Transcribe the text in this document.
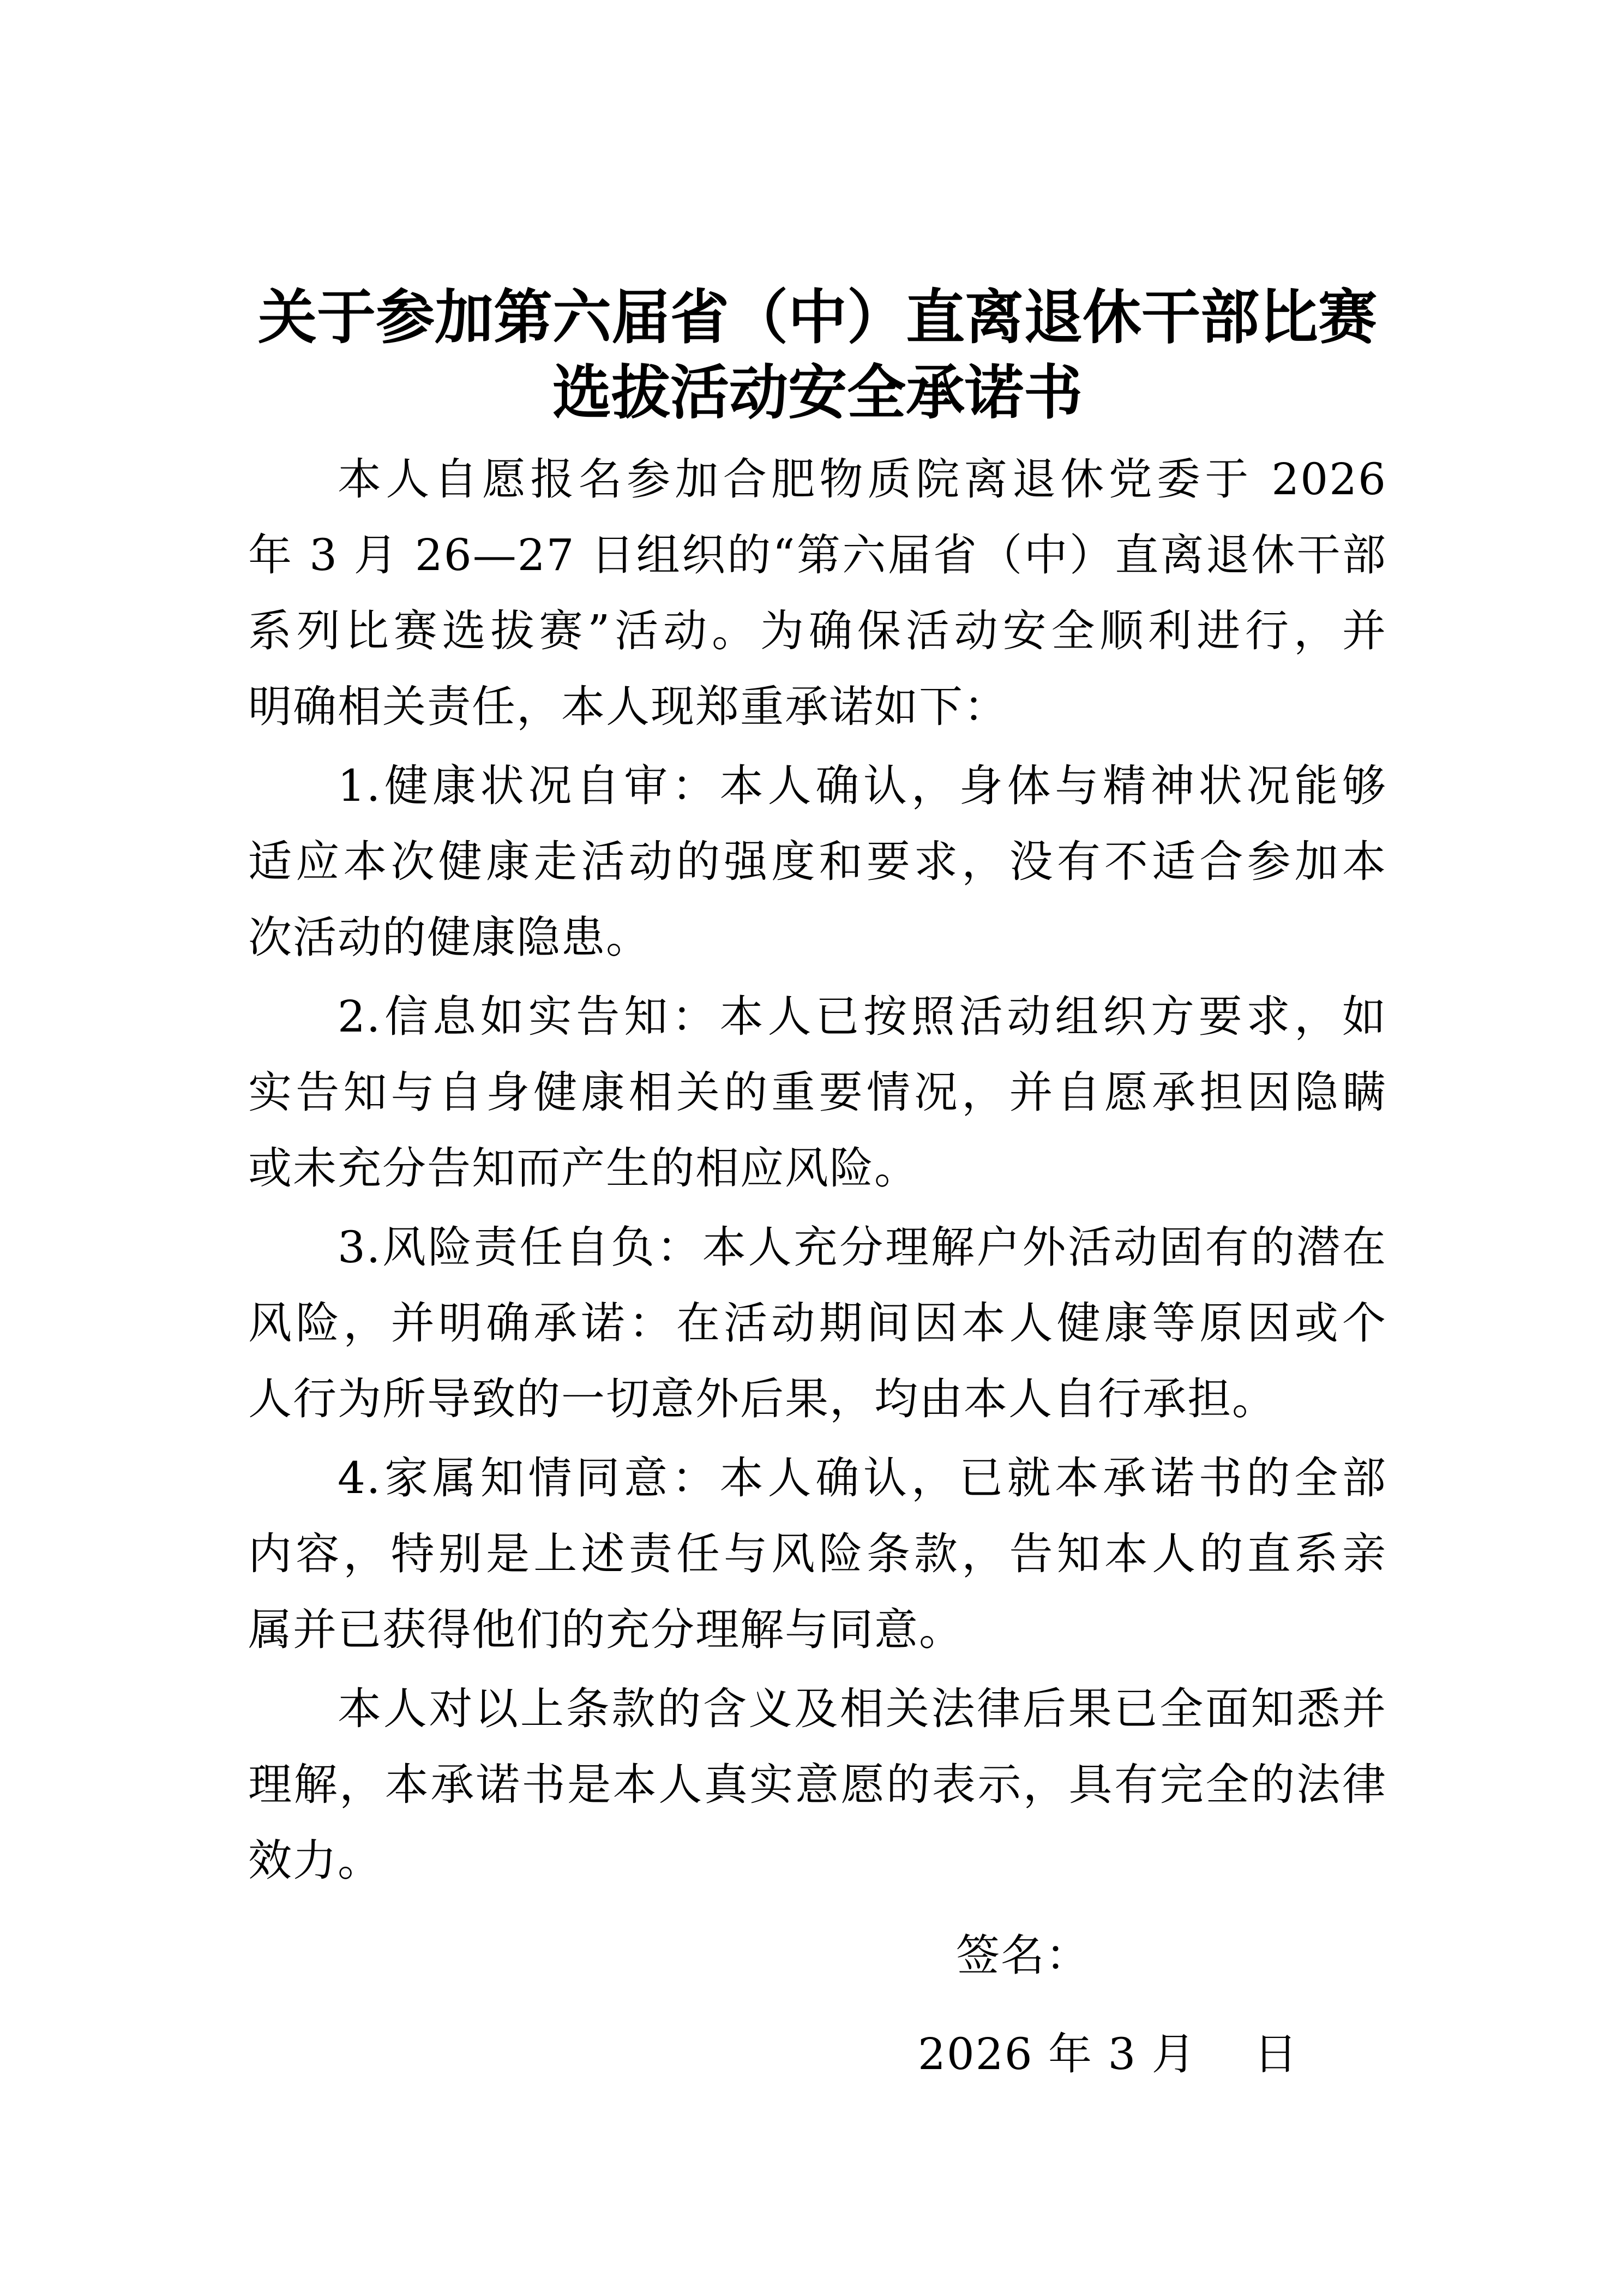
关于参加第六届省（中）直离退休干部比赛
选拔活动安全承诺书
本人自愿报名参加合肥物质院离退休党委于 2026
年 3 月 26—27 日组织的“第六届省（中）直离退休干部
系列比赛选拔赛”活动。为确保活动安全顺利进行，并
明确相关责任，本人现郑重承诺如下：
1.健康状况自审：本人确认，身体与精神状况能够
适应本次健康走活动的强度和要求，没有不适合参加本
次活动的健康隐患。
2.信息如实告知：本人已按照活动组织方要求，如
实告知与自身健康相关的重要情况，并自愿承担因隐瞒
或未充分告知而产生的相应风险。
3.风险责任自负：本人充分理解户外活动固有的潜在
风险，并明确承诺：在活动期间因本人健康等原因或个
人行为所导致的一切意外后果，均由本人自行承担。
4.家属知情同意：本人确认，已就本承诺书的全部
内容，特别是上述责任与风险条款，告知本人的直系亲
属并已获得他们的充分理解与同意。
本人对以上条款的含义及相关法律后果已全面知悉并
理解，本承诺书是本人真实意愿的表示，具有完全的法律
效力。
签名：
2026 年 3 月 日
